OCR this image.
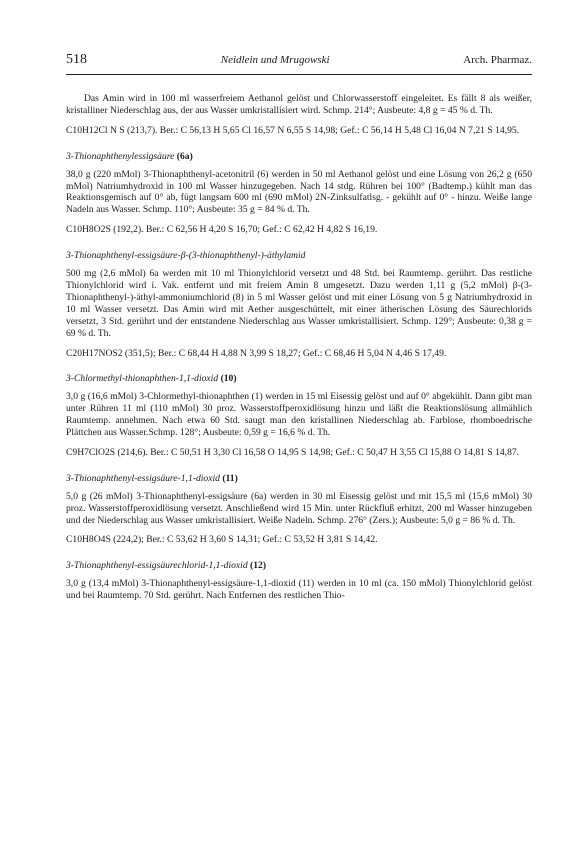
518	Neidlein und Mrugowski	Arch. Pharmaz.

Das Amin wird in 100 ml wasserfreiem Aethanol gelöst und Chlorwasserstoff eingeleitet. Es fällt 8 als weißer, kristalliner Niederschlag aus, der aus Wasser umkristallisiert wird. Schmp. 214°; Ausbeute: 4,8 g = 45 % d. Th.

C10H12Cl N S (213,7). Ber.: C 56,13 H 5,65 Cl 16,57 N 6,55 S 14,98; Gef.: C 56,14 H 5,48 Cl 16,04 N 7,21 S 14,95.

3-Thionaphthenylessigsäure (6a)

38,0 g (220 mMol) 3-Thionaphthenyl-acetonitril (6) werden in 50 ml Aethanol gelöst und eine Lösung von 26,2 g (650 mMol) Natriumhydroxid in 100 ml Wasser hinzugegeben. Nach 14 stdg. Rühren bei 100° (Badtemp.) kühlt man das Reaktionsgemisch auf 0° ab, fügt langsam 600 ml (690 mMol) 2N-Zinksulfatlsg. - gekühlt auf 0° - hinzu. Weiße lange Nadeln aus Wasser. Schmp. 110°; Ausbeute: 35 g = 84 % d. Th.

C10H8O2S (192,2). Ber.: C 62,56 H 4,20 S 16,70; Gef.: C 62,42 H 4,82 S 16,19.

3-Thionaphthenyl-essigsäure-β-(3-thionaphthenyl-)-äthylamid

500 mg (2,6 mMol) 6a werden mit 10 ml Thionylchlorid versetzt und 48 Std. bei Raumtemp. gerührt. Das restliche Thionylchlorid wird i. Vak. entfernt und mit freiem Amin 8 umgesetzt. Dazu werden 1,11 g (5,2 mMol) β-(3-Thionaphthenyl-)-äthyl-ammoniumchlorid (8) in 5 ml Wasser gelöst und mit einer Lösung von 5 g Natriumhydroxid in 10 ml Wasser versetzt. Das Amin wird mit Aether ausgeschüttelt, mit einer ätherischen Lösung des Säurechlorids versetzt, 3 Std. gerührt und der entstandene Niederschlag aus Wasser umkristallisiert. Schmp. 129°; Ausbeute: 0,38 g = 69 % d. Th.

C20H17NOS2 (351,5); Ber.: C 68,44 H 4,88 N 3,99 S 18,27; Gef.: C 68,46 H 5,04 N 4,46 S 17,49.

3-Chlormethyl-thionaphthen-1,1-dioxid (10)

3,0 g (16,6 mMol) 3-Chlormethyl-thionaphthen (1) werden in 15 ml Eisessig gelöst und auf 0° abgekühlt. Dann gibt man unter Rühren 11 ml (110 mMol) 30 proz. Wasserstoffperoxidlösung hinzu und läßt die Reaktionslösung allmählich Raumtemp. annehmen. Nach etwa 60 Std. saugt man den kristallinen Niederschlag ab. Farblose, rhomboedrische Plättchen aus Wasser.Schmp. 128°; Ausbeute: 0,59 g = 16,6 % d. Th.

C9H7ClO2S (214,6). Ber.: C 50,51 H 3,30 Cl 16,58 O 14,95 S 14,98; Gef.: C 50,47 H 3,55 Cl 15,88 O 14,81 S 14,87.

3-Thionaphthenyl-essigsäure-1,1-dioxid (11)

5,0 g (26 mMol) 3-Thionaphthenyl-essigsäure (6a) werden in 30 ml Eisessig gelöst und mit 15,5 ml (15,6 mMol) 30 proz. Wasserstoffperoxidlösung versetzt. Anschließend wird 15 Min. unter Rückfluß erhitzt, 200 ml Wasser hinzugeben und der Niederschlag aus Wasser umkristallisiert. Weiße Nadeln. Schmp. 276° (Zers.); Ausbeute: 5,0 g = 86 % d. Th.

C10H8O4S (224,2); Ber.: C 53,62 H 3,60 S 14,31; Gef.: C 53,52 H 3,81 S 14,42.

3-Thionaphthenyl-essigsäurechlorid-1,1-dioxid (12)

3,0 g (13,4 mMol) 3-Thionaphthenyl-essigsäure-1,1-dioxid (11) werden in 10 ml (ca. 150 mMol) Thionylchlorid gelöst und bei Raumtemp. 70 Std. gerührt. Nach Entfernen des restlichen Thio-
